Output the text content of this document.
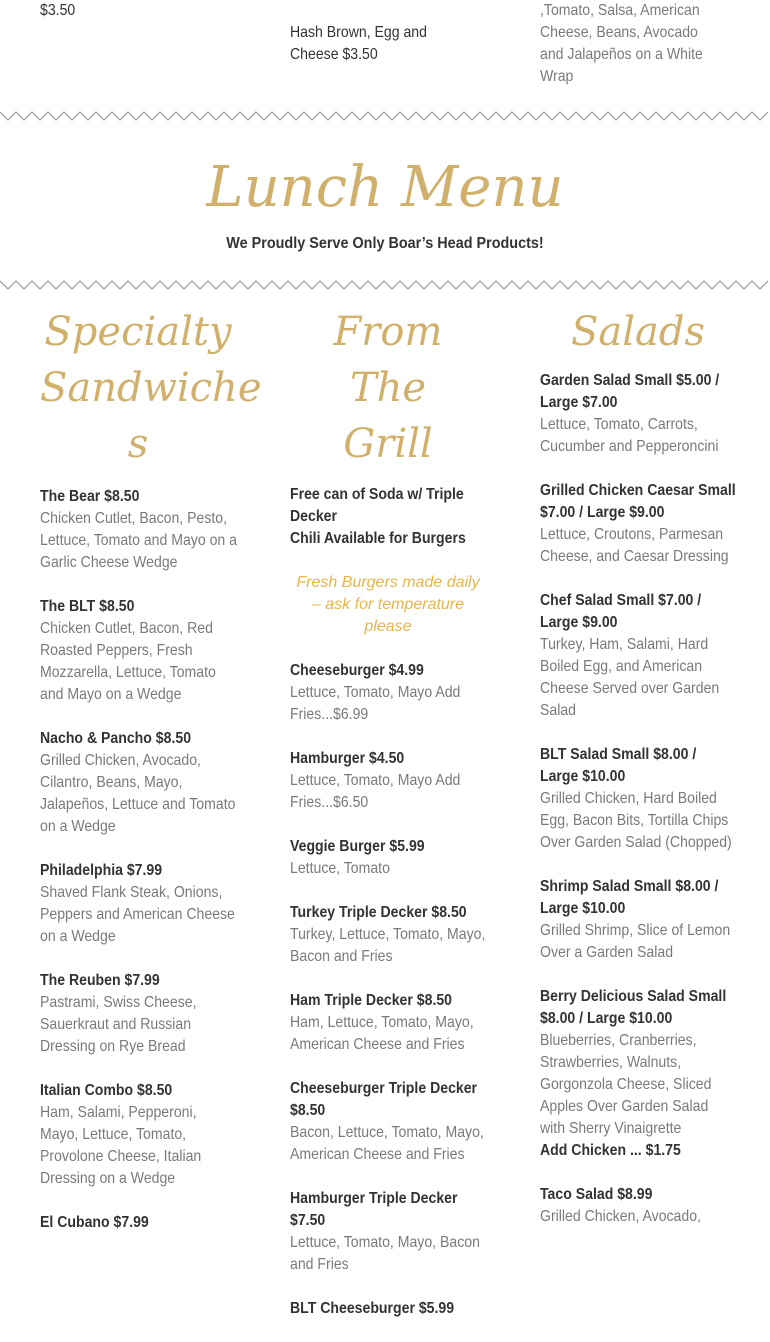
$3.50

Hash Brown, Egg and

Cheese $3.50

,Tomato, Salsa, American

Cheese, Beans, Avocado

and Jalapeños on a White

Wrap

Lunch Menu
We Proudly Serve Only Boar’s Head Products!
Specialty
Sandwiche
s

The Bear $8.50

Chicken Cutlet, Bacon, Pesto, Lettuce, Tomato and Mayo on a Garlic Cheese Wedge

The BLT $8.50

Chicken Cutlet, Bacon, Red Roasted Peppers, Fresh Mozzarella, Lettuce, Tomato and Mayo on a Wedge

Nacho & Pancho $8.50

Grilled Chicken, Avocado, Cilantro, Beans, Mayo, Jalapeños, Lettuce and Tomato on a Wedge

Philadelphia $7.99

Shaved Flank Steak, Onions, Peppers and American Cheese on a Wedge

The Reuben $7.99

Pastrami, Swiss Cheese, Sauerkraut and Russian Dressing on Rye Bread

Italian Combo $8.50

Ham, Salami, Pepperoni, Mayo, Lettuce, Tomato, Provolone Cheese, Italian Dressing on a Wedge

El Cubano $7.99

From The
Grill

Free can of Soda w/ Triple Decker

Chili Available for Burgers

Fresh Burgers made daily – ask for temperature please

Cheeseburger $4.99

Lettuce, Tomato, Mayo Add Fries...$6.99

Hamburger $4.50

Lettuce, Tomato, Mayo Add Fries...$6.50

Veggie Burger $5.99

Lettuce, Tomato

Turkey Triple Decker $8.50

Turkey, Lettuce, Tomato, Mayo, Bacon and Fries

Ham Triple Decker $8.50

Ham, Lettuce, Tomato, Mayo, American Cheese and Fries

Cheeseburger Triple Decker $8.50

Bacon, Lettuce, Tomato, Mayo, American Cheese and Fries

Hamburger Triple Decker $7.50

Lettuce, Tomato, Mayo, Bacon and Fries

BLT Cheeseburger $5.99

Salads

Garden Salad Small $5.00 / Large $7.00

Lettuce, Tomato, Carrots, Cucumber and Pepperoncini

Grilled Chicken Caesar Small $7.00 / Large $9.00

Lettuce, Croutons, Parmesan Cheese, and Caesar Dressing

Chef Salad Small $7.00 / Large $9.00

Turkey, Ham, Salami, Hard Boiled Egg, and American Cheese Served over Garden Salad

BLT Salad Small $8.00 / Large $10.00

Grilled Chicken, Hard Boiled Egg, Bacon Bits, Tortilla Chips Over Garden Salad (Chopped)

Shrimp Salad Small $8.00 / Large $10.00

Grilled Shrimp, Slice of Lemon Over a Garden Salad

Berry Delicious Salad Small $8.00 / Large $10.00

Blueberries, Cranberries, Strawberries, Walnuts, Gorgonzola Cheese, Sliced Apples Over Garden Salad with Sherry Vinaigrette

Add Chicken ... $1.75

Taco Salad $8.99

Grilled Chicken, Avocado,
